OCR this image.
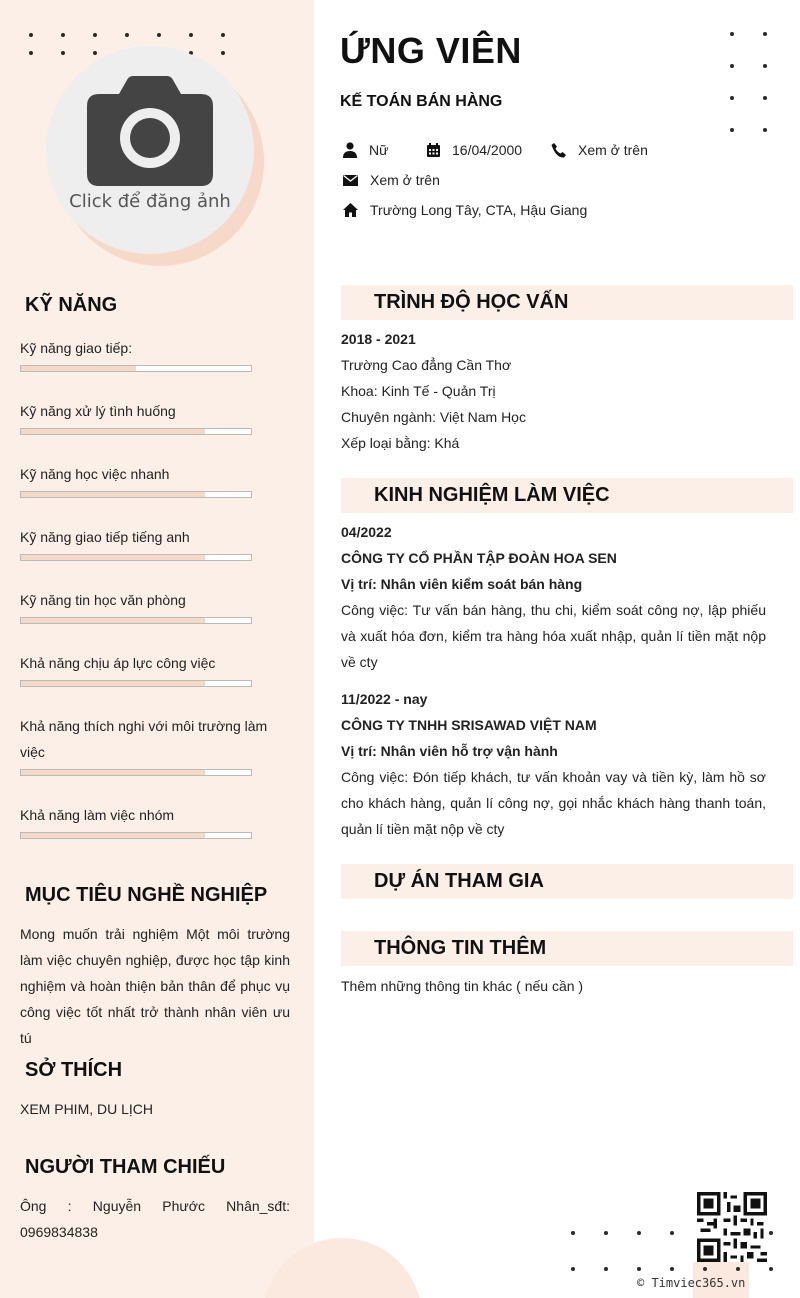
Click để đăng ảnh
KỸ NĂNG
Kỹ năng giao tiếp:
Kỹ năng xử lý tình huống
Kỹ năng học việc nhanh
Kỹ năng giao tiếp tiếng anh
Kỹ năng tin học văn phòng
Khả năng chịu áp lực công việc
Khả năng thích nghi với môi trường làm việc
Khả năng làm việc nhóm
MỤC TIÊU NGHỀ NGHIỆP
Mong muốn trải nghiệm Một môi trường làm việc chuyên nghiệp, được học tập kinh nghiệm và hoàn thiện bản thân để phục vụ công việc tốt nhất trở thành nhân viên ưu tú
SỞ THÍCH
XEM PHIM, DU LỊCH
NGƯỜI THAM CHIẾU
Ông : Nguyễn Phước Nhân_sđt: 0969834838
ỨNG VIÊN
KẾ TOÁN BÁN HÀNG
Nữ	16/04/2000	Xem ở trên
Xem ở trên
Trường Long Tây, CTA, Hậu Giang
TRÌNH ĐỘ HỌC VẤN
2018 - 2021
Trường Cao đẳng Cần Thơ
Khoa: Kinh Tế - Quản Trị
Chuyên ngành: Việt Nam Học
Xếp loại bằng: Khá
KINH NGHIỆM LÀM VIỆC
04/2022
CÔNG TY CỔ PHẦN TẬP ĐOÀN HOA SEN
Vị trí: Nhân viên kiểm soát bán hàng
Công việc: Tư vấn bán hàng, thu chi, kiểm soát công nợ, lập phiếu và xuất hóa đơn, kiểm tra hàng hóa xuất nhập, quản lí tiền mặt nộp về cty
11/2022 - nay
CÔNG TY TNHH SRISAWAD VIỆT NAM
Vị trí: Nhân viên hỗ trợ vận hành
Công việc: Đón tiếp khách, tư vấn khoản vay và tiền kỳ, làm hồ sơ cho khách hàng, quản lí công nợ, gọi nhắc khách hàng thanh toán, quản lí tiền mặt nộp về cty
DỰ ÁN THAM GIA
THÔNG TIN THÊM
Thêm những thông tin khác ( nếu cần )
© Timviec365.vn
